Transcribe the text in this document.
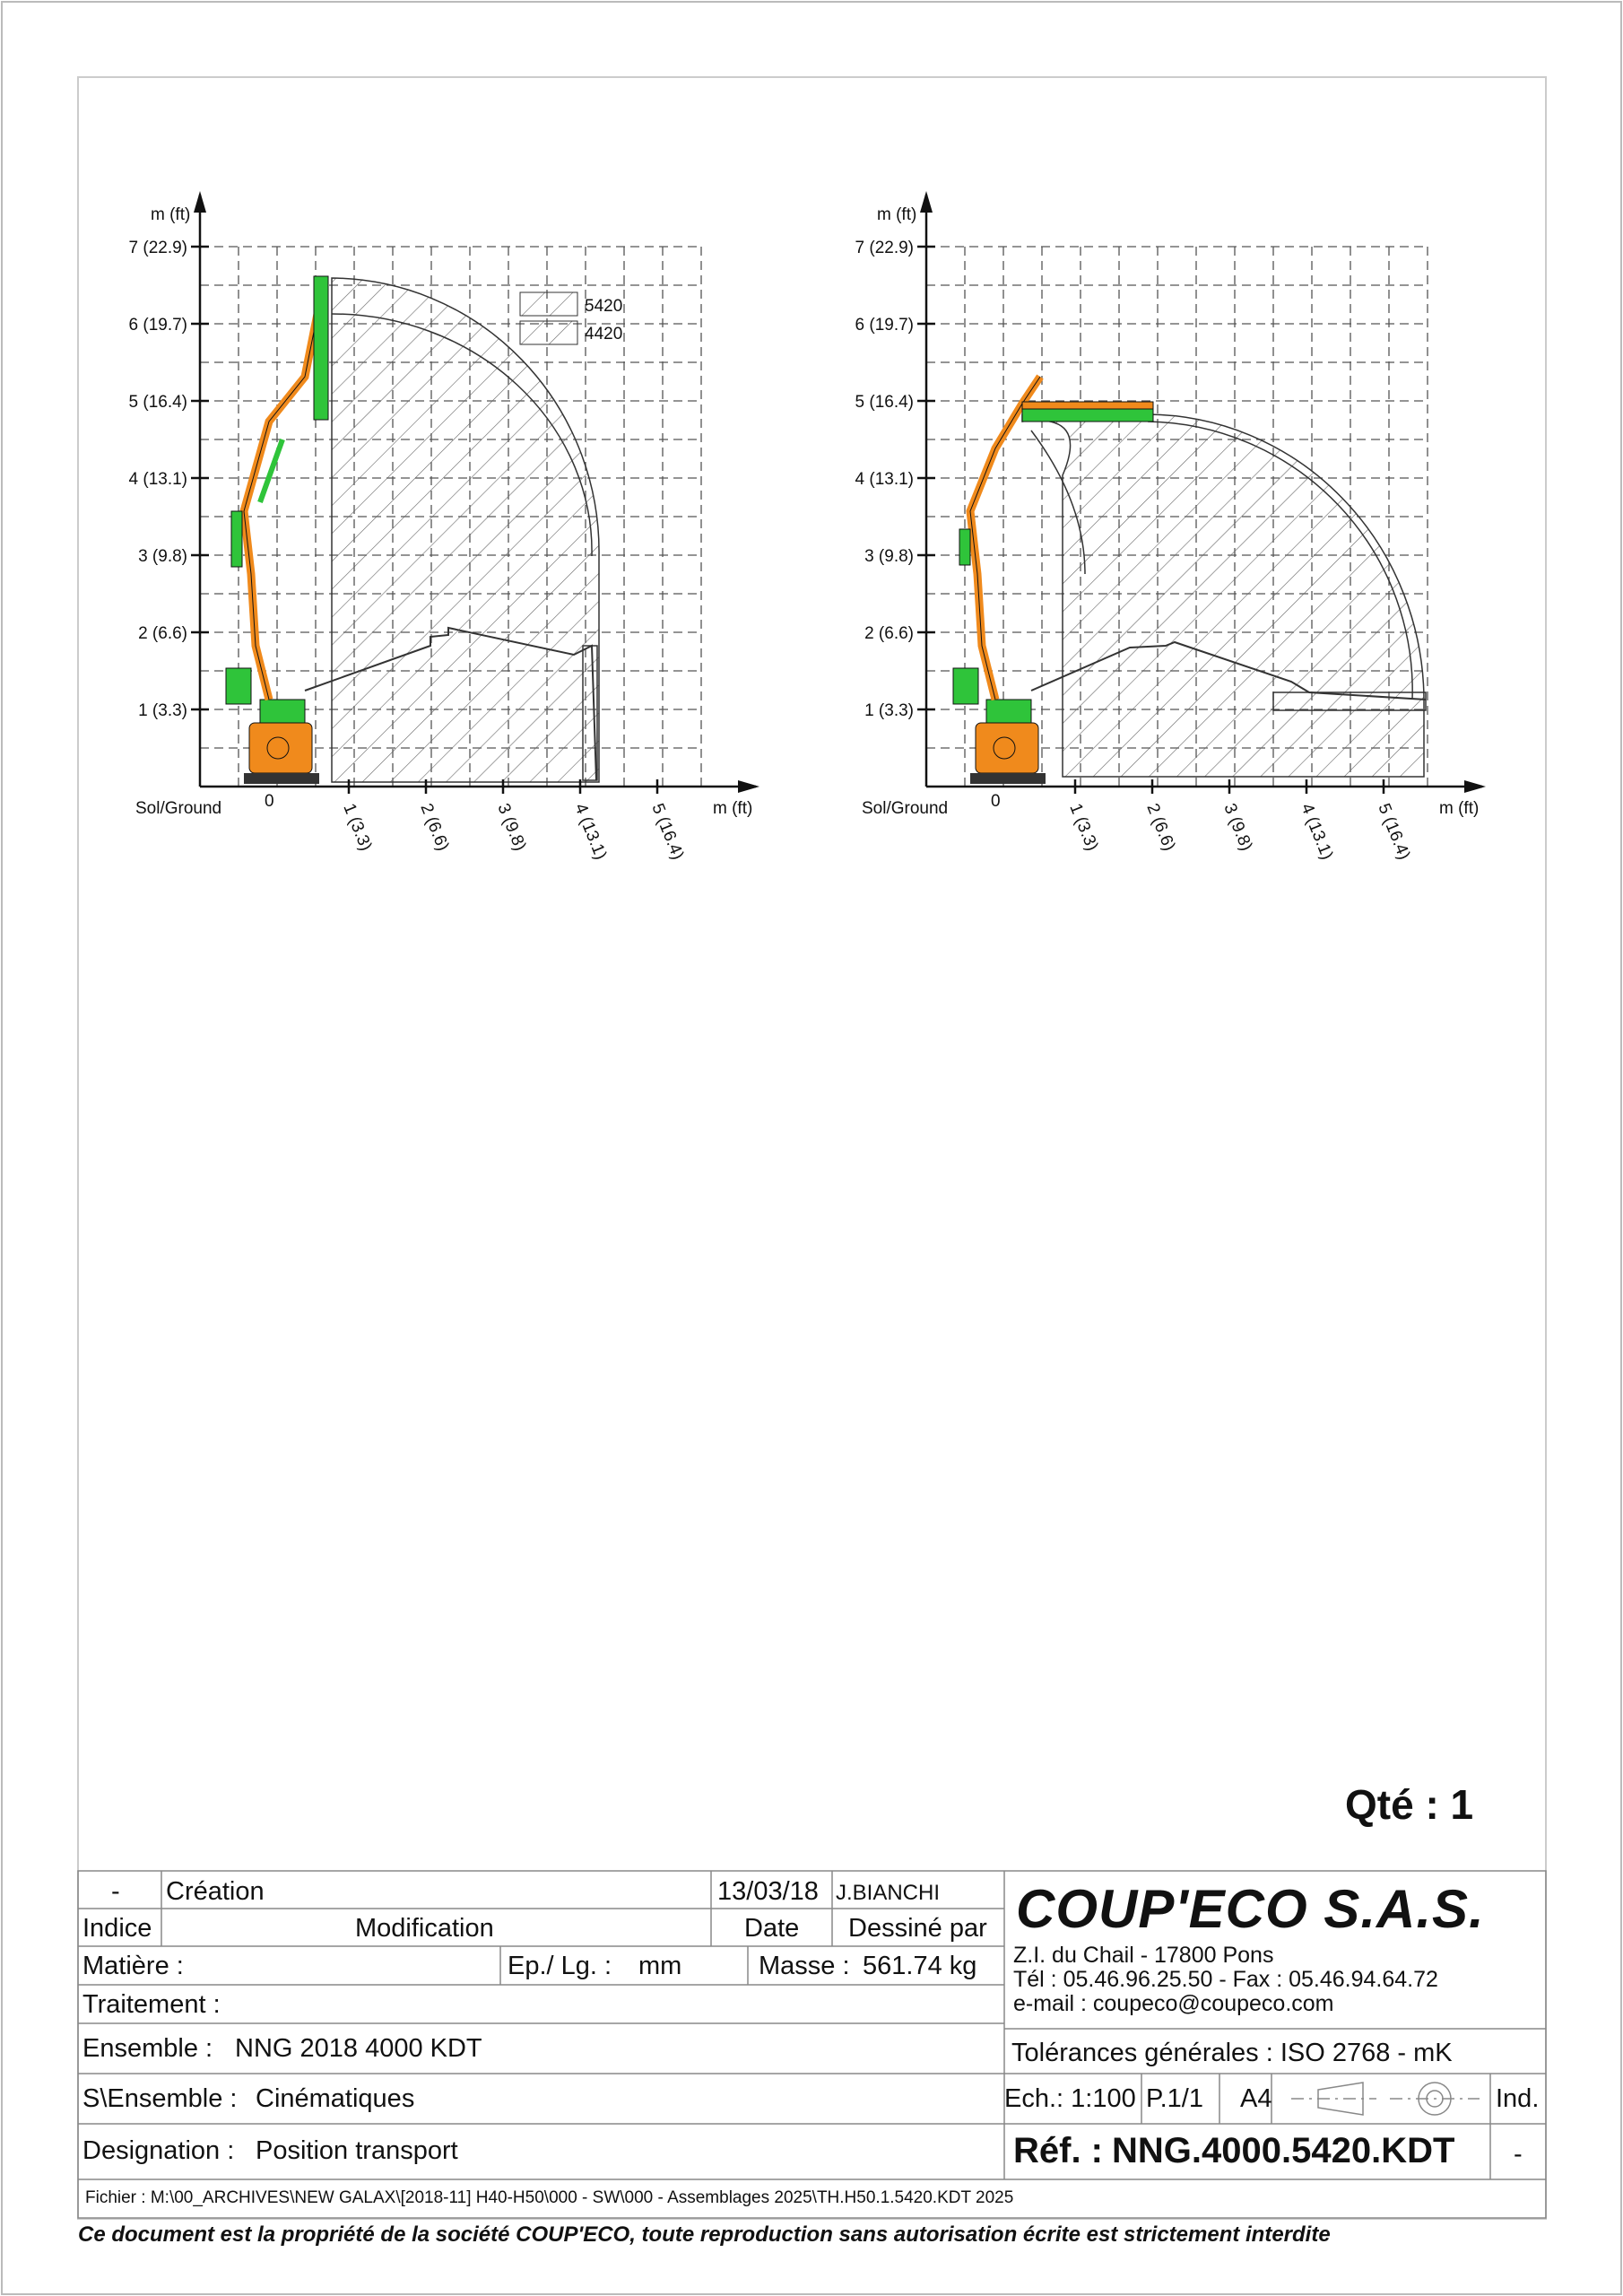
5420
4420
1 (3.3)
2 (6.6)
3 (9.8)
4 (13.1)
5 (16.4)
6 (19.7)
7 (22.9)
1 (3.3) 2 (6.6) 3 (9.8) 4 (13.1) 5 (16.4)
m (ft)
m (ft)
Sol/Ground	0
1 (3.3)
2 (6.6)
3 (9.8)
4 (13.1)
5 (16.4)
6 (19.7)
7 (22.9)
1 (3.3) 2 (6.6) 3 (9.8) 4 (13.1) 5 (16.4)
m (ft)
m (ft)
Sol/Ground	0
Qté : 1
- Création	13/03/18 J.BIANCHI
Indice	Modification	Date Dessiné par
Matière :	Ep./ Lg. : mm	Masse : 561.74 kg
Traitement :
Ensemble : NNG 2018 4000 KDT
S\Ensemble : Cinématiques
Designation : Position transport
COUP'ECO S.A.S.
Z.I. du Chail - 17800 Pons
Tél : 05.46.96.25.50 - Fax : 05.46.94.64.72
e-mail : coupeco@coupeco.com
Tolérances générales : ISO 2768 - mK
Ech.: 1:100 P.1/1 A4	Ind.
-
Réf. : NNG.4000.5420.KDT
Fichier : M:\00_ARCHIVES\NEW GALAX\[2018-11] H40-H50\000 - SW\000 - Assemblages 2025\TH.H50.1.5420.KDT 2025
Ce document est la propriété de la société COUP'ECO, toute reproduction sans autorisation écrite est strictement interdite
